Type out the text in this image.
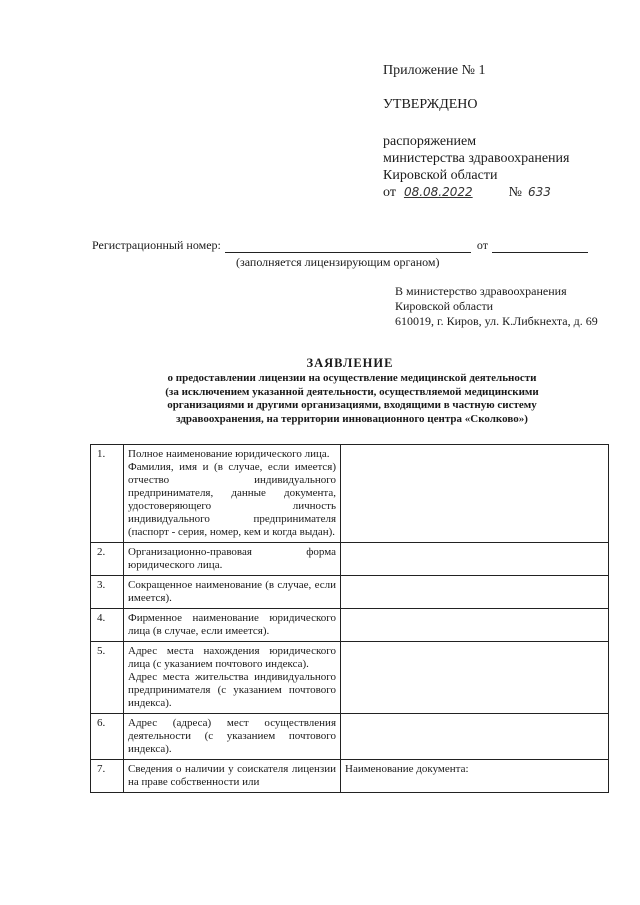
Приложение № 1
УТВЕРЖДЕНО
распоряжением
министерства здравоохранения
Кировской области
от 08.08.2022	№ 633
Регистрационный номер:	от
(заполняется лицензирующим органом)
В министерство здравоохранения
Кировской области
610019, г. Киров, ул. К.Либкнехта, д. 69
ЗАЯВЛЕНИЕ
о предоставлении лицензии на осуществление медицинской деятельности
(за исключением указанной деятельности, осуществляемой медицинскими
организациями и другими организациями, входящими в частную систему
здравоохранения, на территории инновационного центра «Сколково»)
1.	Полное наименование юридического лица.
Фамилия, имя и (в случае, если имеется) отчество индивидуального предпринимателя, данные документа, удостоверяющего личность индивидуального предпринимателя (паспорт - серия, номер, кем и когда выдан).	

2.	Организационно-правовая форма юридического лица.	

3.	Сокращенное наименование (в случае, если имеется).	

4.	Фирменное наименование юридического лица (в случае, если имеется).	

5.	Адрес места нахождения юридического лица (с указанием почтового индекса).
Адрес места жительства индивидуального предпринимателя (с указанием почтового индекса).	

6.	Адрес (адреса) мест осуществления деятельности (с указанием почтового индекса).	

7.	Сведения о наличии у соискателя лицензии на праве собственности или	Наименование документа:
